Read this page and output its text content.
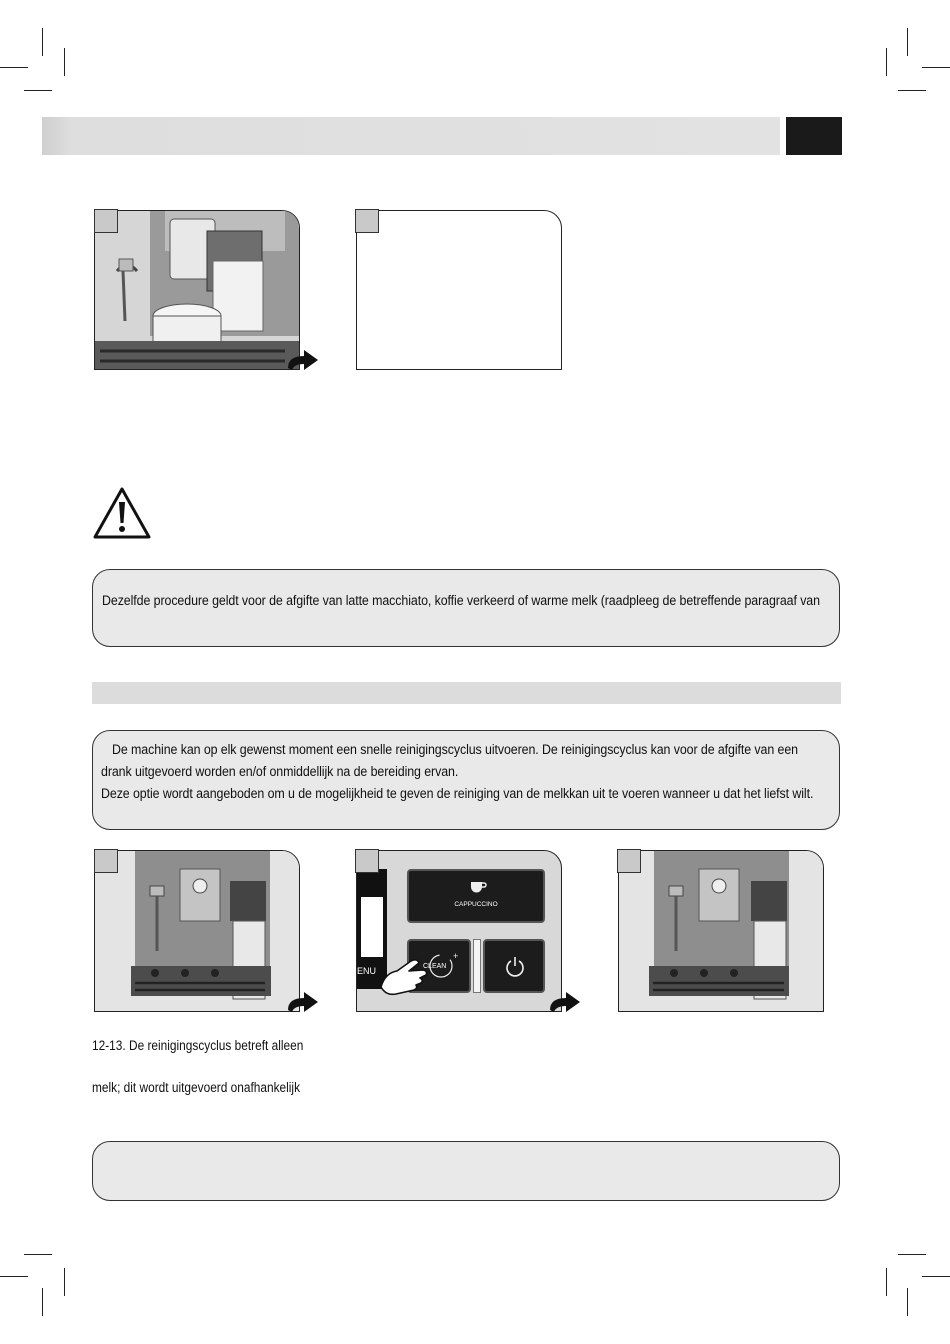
Dezelfde procedure geldt voor de afgifte van latte macchiato, koffie verkeerd of warme melk (raadpleeg de betreffende paragraaf van
De machine kan op elk gewenst moment een snelle reinigingscyclus uitvoeren. De reinigingscyclus kan voor de afgifte van een
drank uitgevoerd worden en/of onmiddellijk na de bereiding ervan.
Deze optie wordt aangeboden om u de mogelijkheid te geven de reiniging van de melkkan uit te voeren wanneer u dat het liefst wilt.
ENU
CAPPUCCINO
+
CLEAN
12-13. De reinigingscyclus betreft alleen
melk; dit wordt uitgevoerd onafhankelijk
